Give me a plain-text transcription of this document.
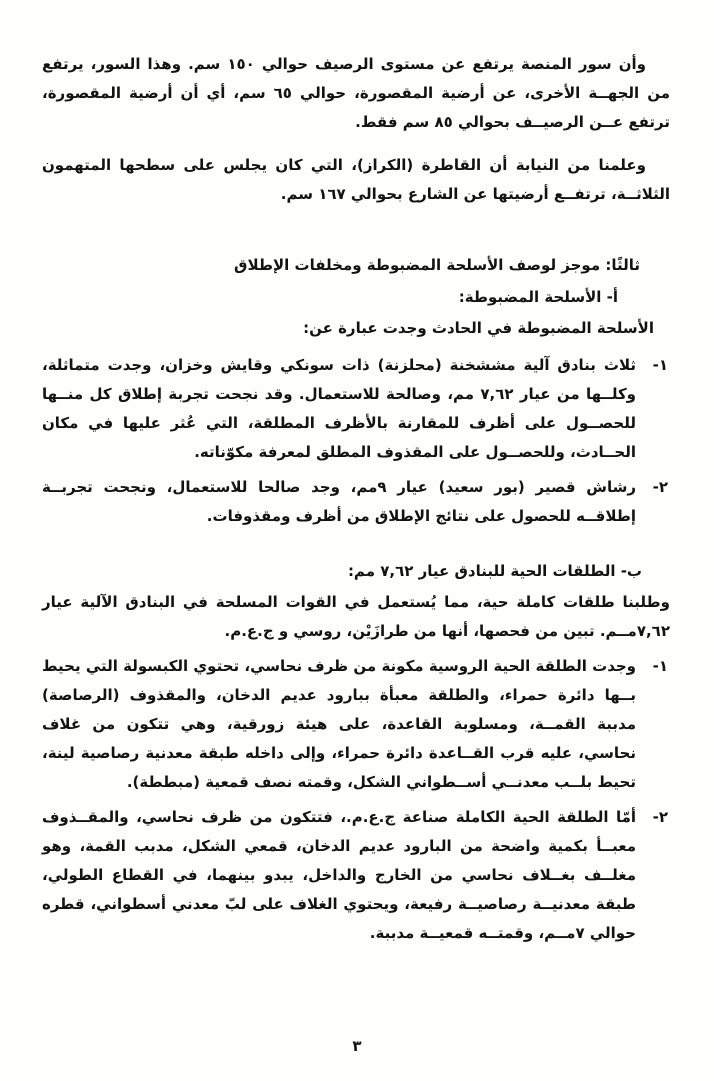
وأن سور المنصة يرتفع عن مستوى الرصيف حوالي ١٥٠ سم. وهذا السور، يرتفع من الجهــة الأخرى، عن أرضية المقصورة، حوالي ٦٥ سم، أي أن أرضية المقصورة، ترتفع عــن الرصيــف بحوالي ٨٥ سم فقط.

وعلمنا من النيابة أن القاطرة (الكراز)، التي كان يجلس على سطحها المتهمون الثلاثــة، ترتفــع أرضيتها عن الشارع بحوالي ١٦٧ سم.

ثالثًا: موجز لوصف الأسلحة المضبوطة ومخلفات الإطلاق
أ- الأسلحة المضبوطة:
الأسلحة المضبوطة في الحادث وجدت عبارة عن:
١-
ثلاث بنادق آلية مششخنة (محلزنة) ذات سونكي وقايش وخزان، وجدت متماثلة، وكلــها من عيار ٧,٦٢ مم، وصالحة للاستعمال. وقد نجحت تجربة إطلاق كل منــها للحصــول على أظرف للمقارنة بالأظرف المطلقة، التي عُثر عليها في مكان الحــادث، وللحصــول على المقذوف المطلق لمعرفة مكوّناته.
٢-
رشاش قصير (بور سعيد) عيار ٩مم، وجد صالحا للاستعمال، ونجحت تجربــة إطلاقــه للحصول على نتائج الإطلاق من أظرف ومقذوفات.
ب- الطلقات الحية للبنادق عيار ٧,٦٢ مم:

وطلبنا طلقات كاملة حية، مما يُستعمل في القوات المسلحة في البنادق الآلية عيار ٧,٦٢مــم. تبين من فحصها، أنها من طرازَيْن، روسي و ج.ع.م.

١-
وجدت الطلقة الحية الروسية مكونة من ظرف نحاسي، تحتوي الكبسولة التي يحيط بــها دائرة حمراء، والطلقة معبأة ببارود عديم الدخان، والمقذوف (الرصاصة) مدببة القمــة، ومسلوبة القاعدة، على هيئة زورقية، وهي تتكون من غلاف نحاسي، عليه قرب القــاعدة دائرة حمراء، وإلى داخله طبقة معدنية رصاصية لينة، تحيط بلــب معدنــي أســطواني الشكل، وقمته نصف قمعية (مبططة).
٢-
أمّا الطلقة الحية الكاملة صناعة ج.ع.م.، فتتكون من ظرف نحاسي، والمقــذوف معبــأ بكمية واضحة من البارود عديم الدخان، قمعي الشكل، مدبب القمة، وهو مغلــف بغــلاف نحاسي من الخارج والداخل، يبدو بينهما، في القطاع الطولي، طبقة معدنيــة رصاصيــة رفيعة، ويحتوي الغلاف على لبّ معدني أسطواني، قطره حوالي ٧مــم، وقمتــه قمعيــة مدببة.
٣
